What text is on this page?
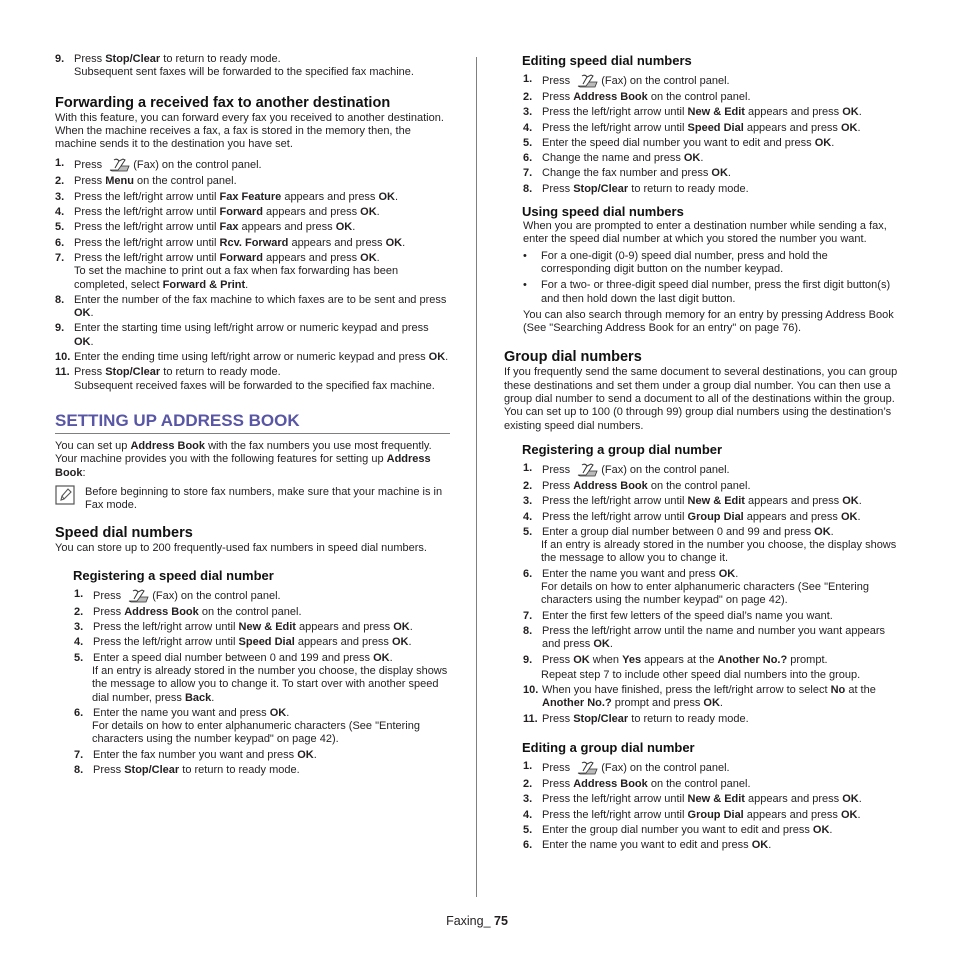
9. Press Stop/Clear to return to ready mode.

Subsequent sent faxes will be forwarded to the specified fax machine.

Forwarding a received fax to another destination

With this feature, you can forward every fax you received to another destination. When the machine receives a fax, a fax is stored in the memory then, the machine sends it to the destination you have set.

1. Press	(Fax) on the control panel.
2. Press Menu on the control panel.
3. Press the left/right arrow until Fax Feature appears and press OK.
4. Press the left/right arrow until Forward appears and press OK.
5. Press the left/right arrow until Fax appears and press OK.
6. Press the left/right arrow until Rcv. Forward appears and press OK.
7. Press the left/right arrow until Forward appears and press OK.

To set the machine to print out a fax when fax forwarding has been completed, select Forward & Print.

8. Enter the number of the fax machine to which faxes are to be sent and press OK.
9. Enter the starting time using left/right arrow or numeric keypad and press OK.
10. Enter the ending time using left/right arrow or numeric keypad and press OK.
11. Press Stop/Clear to return to ready mode.

Subsequent received faxes will be forwarded to the specified fax machine.

SETTING UP ADDRESS BOOK

You can set up Address Book with the fax numbers you use most frequently. Your machine provides you with the following features for setting up Address Book:

Before beginning to store fax numbers, make sure that your machine is in Fax mode.

Speed dial numbers

You can store up to 200 frequently-used fax numbers in speed dial numbers.

Registering a speed dial number

1. Press	(Fax) on the control panel.
2. Press Address Book on the control panel.
3. Press the left/right arrow until New & Edit appears and press OK.
4. Press the left/right arrow until Speed Dial appears and press OK.
5. Enter a speed dial number between 0 and 199 and press OK.

If an entry is already stored in the number you choose, the display shows the message to allow you to change it. To start over with another speed dial number, press Back.

6. Enter the name you want and press OK.

For details on how to enter alphanumeric characters (See "Entering characters using the number keypad" on page 42).

7. Enter the fax number you want and press OK.
8. Press Stop/Clear to return to ready mode.

Editing speed dial numbers

1. Press	(Fax) on the control panel.
2. Press Address Book on the control panel.
3. Press the left/right arrow until New & Edit appears and press OK.
4. Press the left/right arrow until Speed Dial appears and press OK.
5. Enter the speed dial number you want to edit and press OK.
6. Change the name and press OK.
7. Change the fax number and press OK.
8. Press Stop/Clear to return to ready mode.

Using speed dial numbers

When you are prompted to enter a destination number while sending a fax, enter the speed dial number at which you stored the number you want.

•	For a one-digit (0-9) speed dial number, press and hold the corresponding digit button on the number keypad.
•	For a two- or three-digit speed dial number, press the first digit button(s) and then hold down the last digit button.

You can also search through memory for an entry by pressing Address Book (See "Searching Address Book for an entry" on page 76).

Group dial numbers

If you frequently send the same document to several destinations, you can group these destinations and set them under a group dial number. You can then use a group dial number to send a document to all of the destinations within the group. You can set up to 100 (0 through 99) group dial numbers using the destination’s existing speed dial numbers.

Registering a group dial number

1. Press	(Fax) on the control panel.
2. Press Address Book on the control panel.
3. Press the left/right arrow until New & Edit appears and press OK.
4. Press the left/right arrow until Group Dial appears and press OK.
5. Enter a group dial number between 0 and 99 and press OK.

If an entry is already stored in the number you choose, the display shows the message to allow you to change it.

6. Enter the name you want and press OK.

For details on how to enter alphanumeric characters (See "Entering characters using the number keypad" on page 42).

7. Enter the first few letters of the speed dial’s name you want.
8. Press the left/right arrow until the name and number you want appears and press OK.
9. Press OK when Yes appears at the Another No.? prompt.

Repeat step 7 to include other speed dial numbers into the group.

10. When you have finished, press the left/right arrow to select No at the Another No.? prompt and press OK.
11. Press Stop/Clear to return to ready mode.

Editing a group dial number

1. Press	(Fax) on the control panel.
2. Press Address Book on the control panel.
3. Press the left/right arrow until New & Edit appears and press OK.
4. Press the left/right arrow until Group Dial appears and press OK.
5. Enter the group dial number you want to edit and press OK.
6. Enter the name you want to edit and press OK.
Faxing_ 75
